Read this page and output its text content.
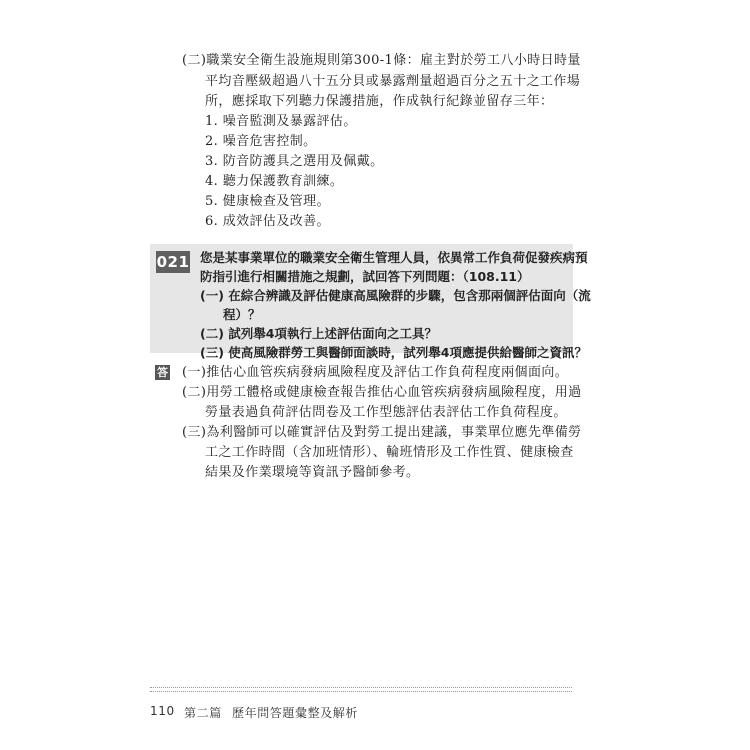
(二)職業安全衛生設施規則第300-1條：雇主對於勞工八小時日時量
平均音壓級超過八十五分貝或暴露劑量超過百分之五十之工作場
所，應採取下列聽力保護措施，作成執行紀錄並留存三年：
1. 噪音監測及暴露評估。
2. 噪音危害控制。
3. 防音防護具之選用及佩戴。
4. 聽力保護教育訓練。
5. 健康檢查及管理。
6. 成效評估及改善。
021 您是某事業單位的職業安全衛生管理人員，依異常工作負荷促發疾病預
防指引進行相關措施之規劃，試回答下列問題：（108.11）
(一) 在綜合辨識及評估健康高風險群的步驟，包含那兩個評估面向（流
程）？
(二) 試列舉4項執行上述評估面向之工具？
(三) 使高風險群勞工與醫師面談時，試列舉4項應提供給醫師之資訊？
答 (一)推估心血管疾病發病風險程度及評估工作負荷程度兩個面向。
(二)用勞工體格或健康檢查報告推估心血管疾病發病風險程度，用過
勞量表過負荷評估問卷及工作型態評估表評估工作負荷程度。
(三)為利醫師可以確實評估及對勞工提出建議，事業單位應先準備勞
工之工作時間（含加班情形）、輪班情形及工作性質、健康檢查
結果及作業環境等資訊予醫師參考。
110 第二篇 歷年問答題彙整及解析
